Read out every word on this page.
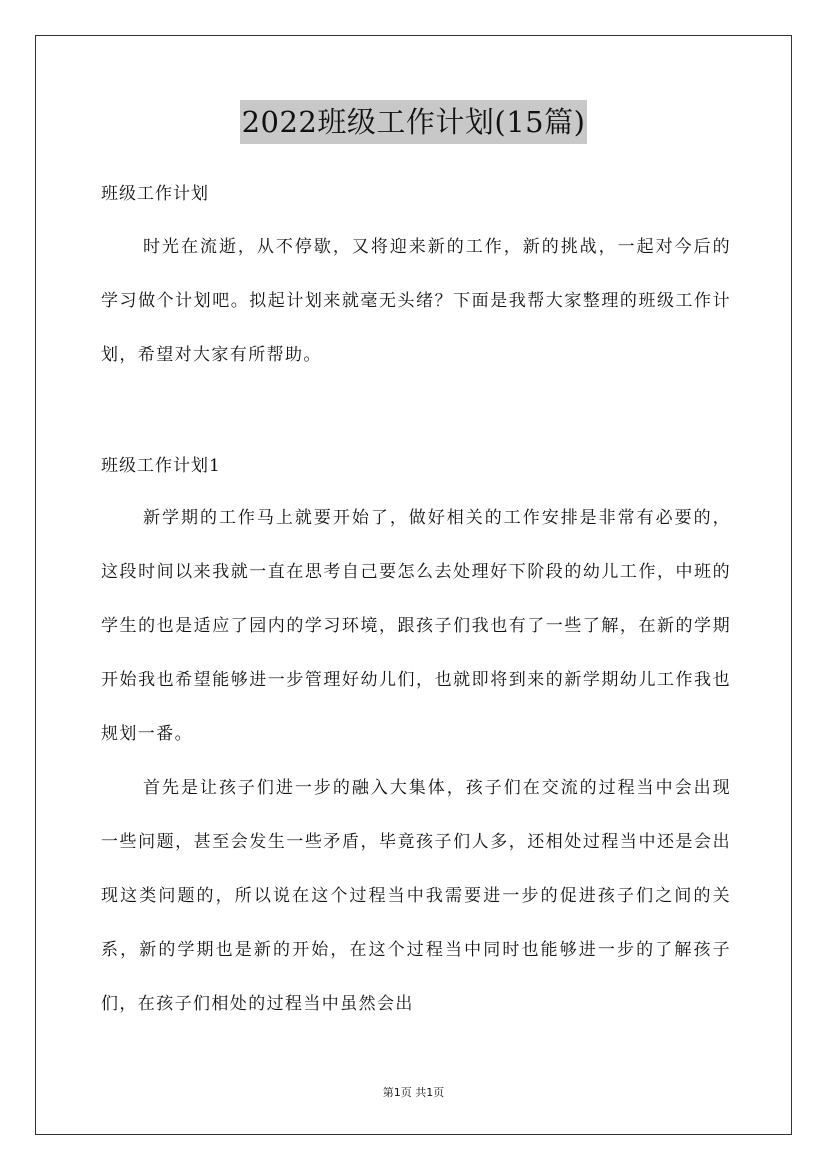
2022班级工作计划(15篇)
班级工作计划

时光在流逝，从不停歇，又将迎来新的工作，新的挑战，一起对今后的学习做个计划吧。拟起计划来就毫无头绪？下面是我帮大家整理的班级工作计划，希望对大家有所帮助。

班级工作计划1

新学期的工作马上就要开始了，做好相关的工作安排是非常有必要的，这段时间以来我就一直在思考自己要怎么去处理好下阶段的幼儿工作，中班的学生的也是适应了园内的学习环境，跟孩子们我也有了一些了解，在新的学期开始我也希望能够进一步管理好幼儿们，也就即将到来的新学期幼儿工作我也规划一番。

首先是让孩子们进一步的融入大集体，孩子们在交流的过程当中会出现一些问题，甚至会发生一些矛盾，毕竟孩子们人多，还相处过程当中还是会出现这类问题的，所以说在这个过程当中我需要进一步的促进孩子们之间的关系，新的学期也是新的开始，在这个过程当中同时也能够进一步的了解孩子们，在孩子们相处的过程当中虽然会出

第1页 共1页
